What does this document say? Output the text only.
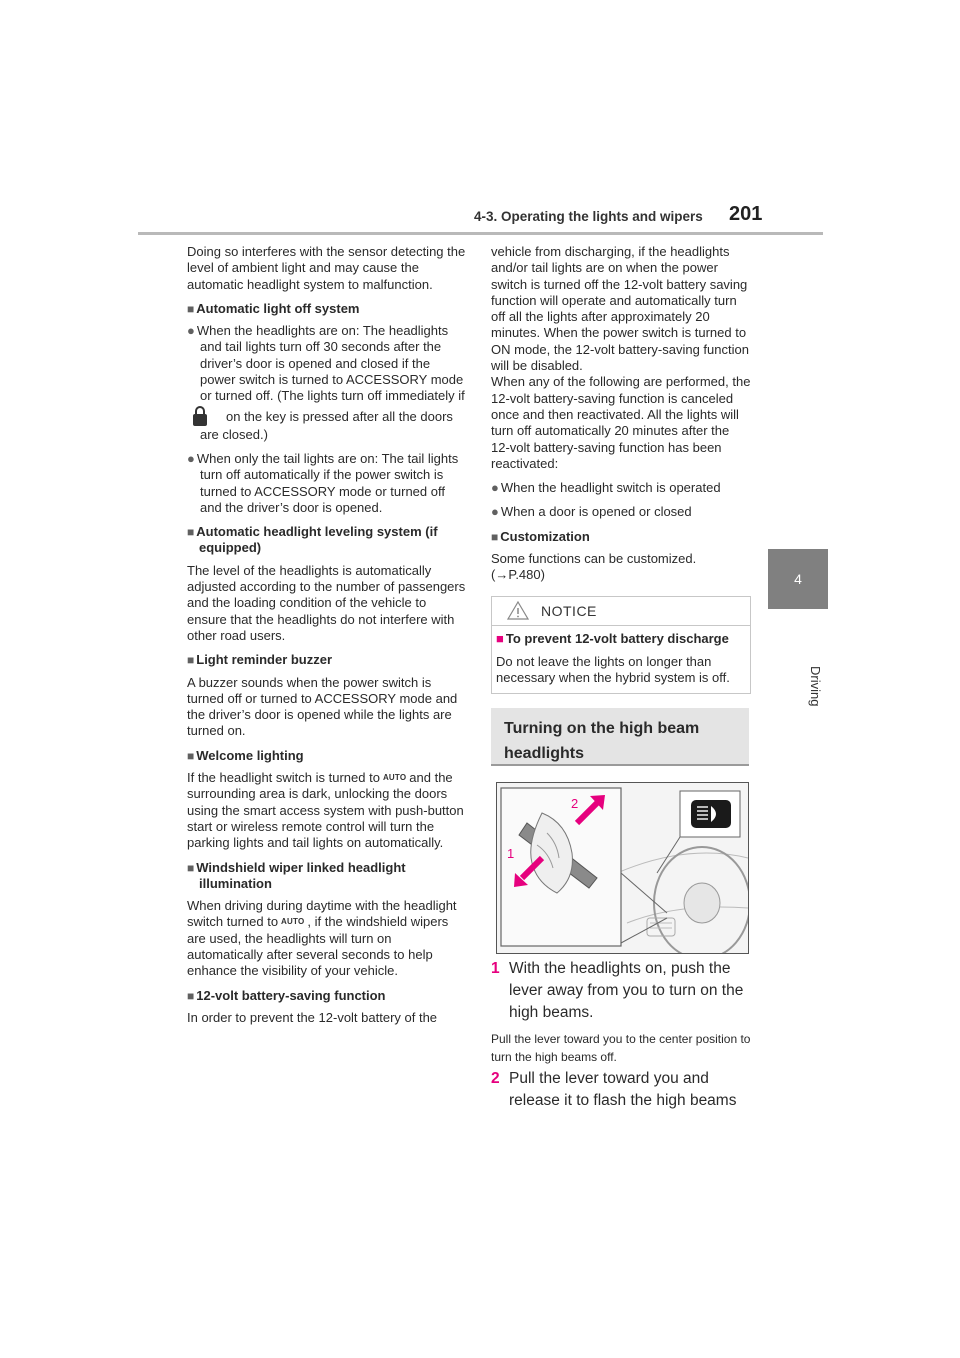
4-3. Operating the lights and wipers 201
4
Driving

Doing so interferes with the sensor detecting the level of ambient light and may cause the automatic headlight system to malfunction.

■ Automatic light off system
● When the headlights are on: The headlights and tail lights turn off 30 seconds after the driver’s door is opened and closed if the power switch is turned to ACCESSORY mode or turned off. (The lights turn off immediately ifon the key is pressed after all the doors are closed.)
● When only the tail lights are on: The tail lights turn off automatically if the power switch is turned to ACCESSORY mode or turned off and the driver’s door is opened.
■ Automatic headlight leveling system (if equipped)

The level of the headlights is automatically adjusted according to the number of passengers and the loading condition of the vehicle to ensure that the headlights do not interfere with other road users.

■ Light reminder buzzer

A buzzer sounds when the power switch is turned off or turned to ACCESSORY mode and the driver’s door is opened while the lights are turned on.

■ Welcome lighting

If the headlight switch is turned to AUTO and the surrounding area is dark, unlocking the doors using the smart access system with push-button start or wireless remote control will turn the parking lights and tail lights on automatically.

■ Windshield wiper linked headlight illumination

When driving during daytime with the headlight switch turned to AUTO , if the windshield wipers are used, the headlights will turn on automatically after several seconds to help enhance the visibility of your vehicle.

■ 12-volt battery-saving function

In order to prevent the 12-volt battery of the

vehicle from discharging, if the headlights and/or tail lights are on when the power switch is turned off the 12-volt battery saving function will operate and automatically turn off all the lights after approximately 20 minutes. When the power switch is turned to ON mode, the 12-volt battery-saving function will be disabled.

When any of the following are performed, the 12-volt battery-saving function is canceled once and then reactivated. All the lights will turn off automatically 20 minutes after the 12-volt battery-saving function has been reactivated:

● When the headlight switch is operated
● When a door is opened or closed
■ Customization

Some functions can be customized.
(→P.480)

NOTICE
■ To prevent 12-volt battery discharge
Do not leave the lights on longer than necessary when the hybrid system is off.
Turning on the high beam headlights
2
1
1 With the headlights on, push the lever away from you to turn on the high beams.
Pull the lever toward you to the center position to turn the high beams off.
2 Pull the lever toward you and release it to flash the high beams
